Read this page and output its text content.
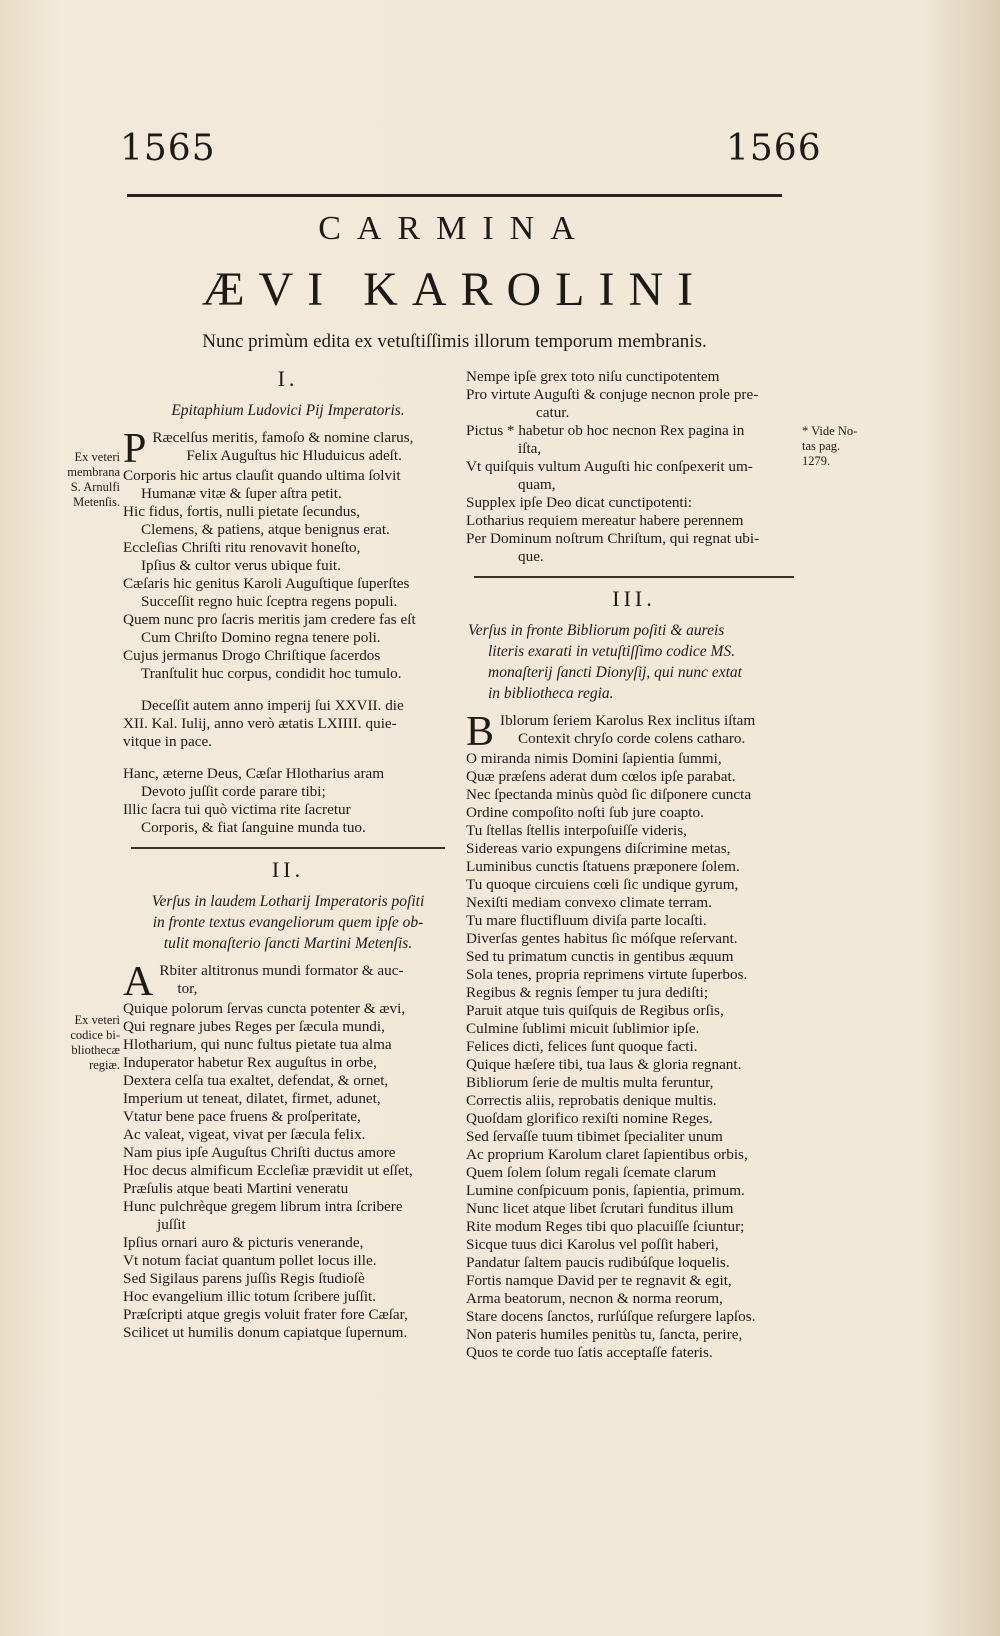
1565	1566
CARMINA
ÆVI KAROLINI
Nunc primùm edita ex vetuſtiſſimis illorum temporum membranis.
Ex veteri
membrana
S. Arnulfi
Metenſis.
Ex veteri
codice bi-
bliothecæ
regiæ.
* Vide No-
tas pag.
1279.
I.
Epitaphium Ludovici Pij Imperatoris.
P Ræcelſus meritis, famoſo & nomine clarus,
Felix Auguſtus hic Hluduicus adeſt.
Corporis hic artus clauſit quando ultima ſolvit
Humanæ vitæ & ſuper aſtra petit.
Hic fidus, fortis, nulli pietate ſecundus,
Clemens, & patiens, atque benignus erat.
Eccleſias Chriſti ritu renovavit honeſto,
Ipſius & cultor verus ubique fuit.
Cæſaris hic genitus Karoli Auguſtique ſuperſtes
Succeſſit regno huic ſceptra regens populi.
Quem nunc pro ſacris meritis jam credere fas eſt
Cum Chriſto Domino regna tenere poli.
Cujus jermanus Drogo Chriſtique ſacerdos
Tranſtulit huc corpus, condidit hoc tumulo.
Deceſſit autem anno imperij ſui XXVII. die
XII. Kal. Iulij, anno verò ætatis LXIIII. quie-
vitque in pace.
Hanc, æterne Deus, Cæſar Hlotharius aram
Devoto juſſit corde parare tibi;
Illic ſacra tui quò victima rite ſacretur
Corporis, & fiat ſanguine munda tuo.
II.
Verſus in laudem Lotharij Imperatoris poſiti
in fronte textus evangeliorum quem ipſe ob-
tulit monaſterio ſancti Martini Metenſis.
A Rbiter altitronus mundi formator & auc-
tor,
Quique polorum ſervas cuncta potenter & ævi,
Qui regnare jubes Reges per ſæcula mundi,
Hlotharium, qui nunc fultus pietate tua alma
Induperator habetur Rex auguſtus in orbe,
Dextera celſa tua exaltet, defendat, & ornet,
Imperium ut teneat, dilatet, firmet, adunet,
Vtatur bene pace fruens & proſperitate,
Ac valeat, vigeat, vivat per ſæcula felix.
Nam pius ipſe Auguſtus Chriſti ductus amore
Hoc decus almificum Eccleſiæ prævidit ut eſſet,
Præſulis atque beati Martini veneratu
Hunc pulchrèque gregem librum intra ſcribere
juſſit
Ipſius ornari auro & picturis venerande,
Vt notum faciat quantum pollet locus ille.
Sed Sigilaus parens juſſis Regis ſtudioſè
Hoc evangelium illic totum ſcribere juſſit.
Præſcripti atque gregis voluit frater fore Cæſar,
Scilicet ut humilis donum capiatque ſupernum.
Nempe ipſe grex toto niſu cunctipotentem
Pro virtute Auguſti & conjuge necnon prole pre-
catur.
Pictus * habetur ob hoc necnon Rex pagina in
iſta,
Vt quiſquis vultum Auguſti hic conſpexerit um-
quam,
Supplex ipſe Deo dicat cunctipotenti:
Lotharius requiem mereatur habere perennem
Per Dominum noſtrum Chriſtum, qui regnat ubi-
que.
III.
Verſus in fronte Bibliorum poſiti & aureis
literis exarati in vetuſtiſſimo codice MS.
monaſterij ſancti Dionyſij, qui nunc extat
in bibliotheca regia.
B Iblorum ſeriem Karolus Rex inclitus iſtam
Contexit chryſo corde colens catharo.
O miranda nimis Domini ſapientia ſummi,
Quæ præſens aderat dum cœlos ipſe parabat.
Nec ſpectanda minùs quòd ſic diſponere cuncta
Ordine compoſito noſti ſub jure coapto.
Tu ſtellas ſtellis interpoſuiſſe videris,
Sidereas vario expungens diſcrimine metas,
Luminibus cunctis ſtatuens præponere ſolem.
Tu quoque circuiens cœli ſic undique gyrum,
Nexiſti mediam convexo climate terram.
Tu mare fluctifluum diviſa parte locaſti.
Diverſas gentes habitus ſic móſque reſervant.
Sed tu primatum cunctis in gentibus æquum
Sola tenes, propria reprimens virtute ſuperbos.
Regibus & regnis ſemper tu jura dediſti;
Paruit atque tuis quiſquis de Regibus orſis,
Culmine ſublimi micuit ſublimior ipſe.
Felices dicti, felices ſunt quoque facti.
Quique hæſere tibi, tua laus & gloria regnant.
Bibliorum ſerie de multis multa feruntur,
Correctis aliis, reprobatis denique multis.
Quoſdam glorifico rexiſti nomine Reges.
Sed ſervaſſe tuum tibimet ſpecialiter unum
Ac proprium Karolum claret ſapientibus orbis,
Quem ſolem ſolum regali ſcemate clarum
Lumine conſpicuum ponis, ſapientia, primum.
Nunc licet atque libet ſcrutari funditus illum
Rite modum Reges tibi quo placuiſſe ſciuntur;
Sicque tuus dici Karolus vel poſſit haberi,
Pandatur ſaltem paucis rudibúſque loquelis.
Fortis namque David per te regnavit & egit,
Arma beatorum, necnon & norma reorum,
Stare docens ſanctos, rurſúſque reſurgere lapſos.
Non pateris humiles penitùs tu, ſancta, perire,
Quos te corde tuo ſatis acceptaſſe fateris.
